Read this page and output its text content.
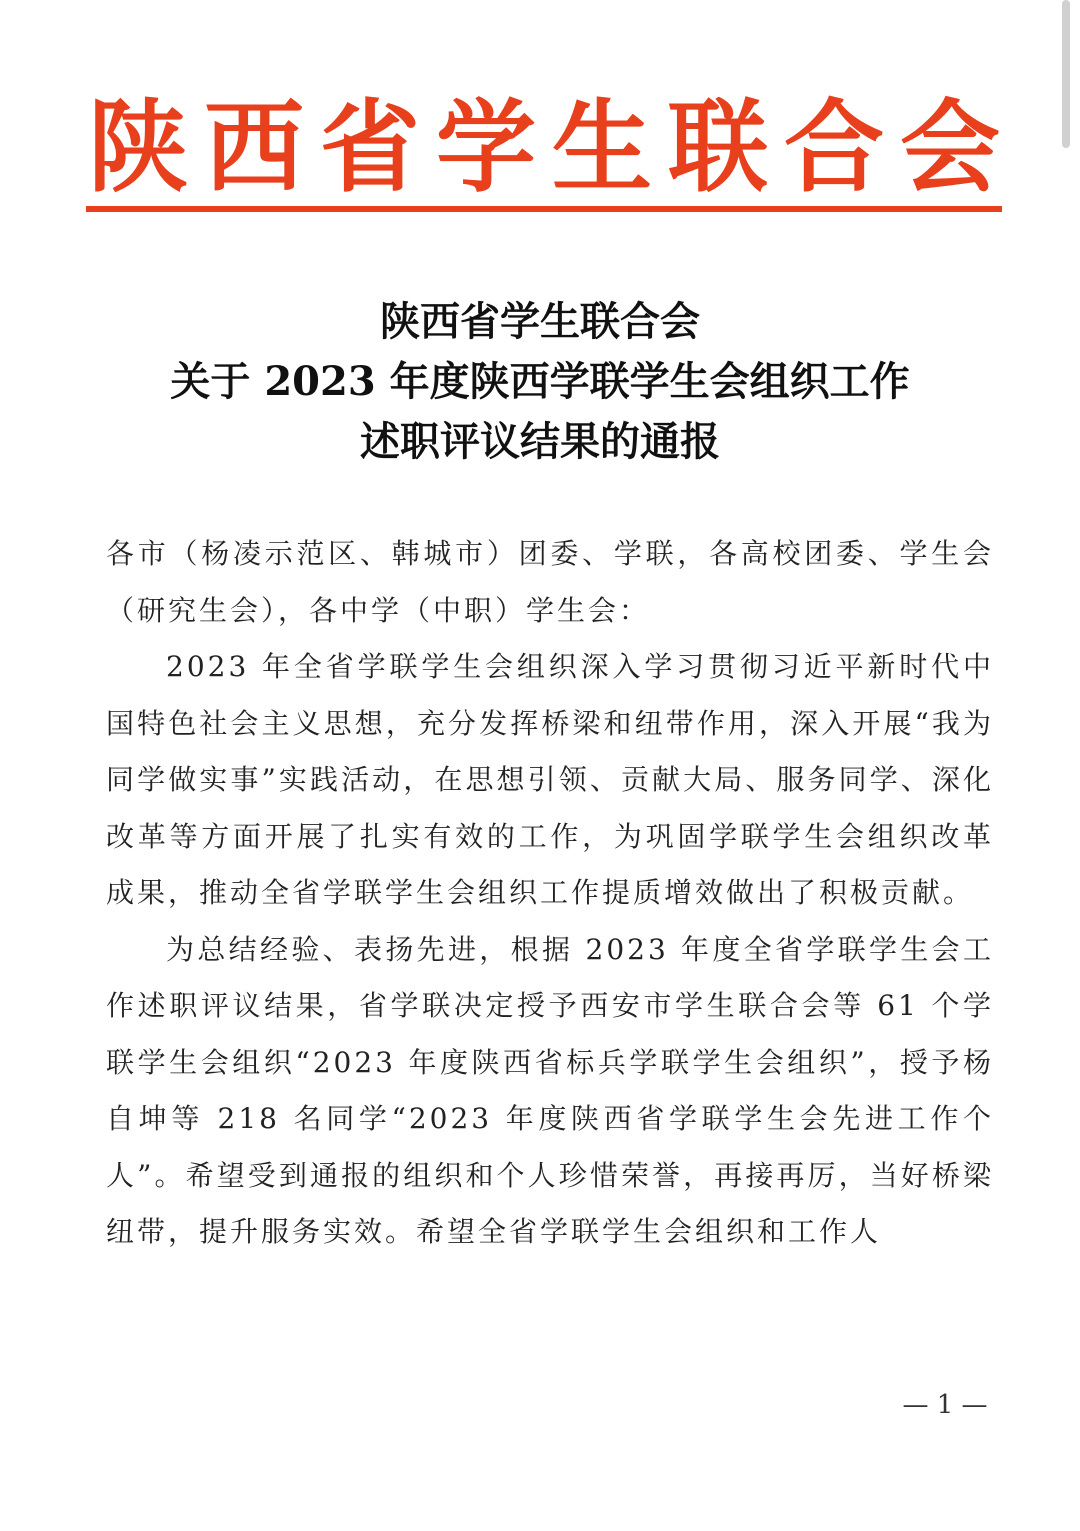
陕 西 省 学 生 联 合 会
陕西省学生联合会
关于 2023 年度陕西学联学生会组织工作
述职评议结果的通报

各市（杨凌示范区、韩城市）团委、学联，各高校团委、学生会（研究生会），各中学（中职）学生会：

2023 年全省学联学生会组织深入学习贯彻习近平新时代中国特色社会主义思想，充分发挥桥梁和纽带作用，深入开展“我为同学做实事”实践活动，在思想引领、贡献大局、服务同学、深化改革等方面开展了扎实有效的工作，为巩固学联学生会组织改革成果，推动全省学联学生会组织工作提质增效做出了积极贡献。

为总结经验、表扬先进，根据 2023 年度全省学联学生会工作述职评议结果，省学联决定授予西安市学生联合会等 61 个学联学生会组织“2023 年度陕西省标兵学联学生会组织”，授予杨自坤等 218 名同学“2023 年度陕西省学联学生会先进工作个人”。希望受到通报的组织和个人珍惜荣誉，再接再厉，当好桥梁纽带，提升服务实效。希望全省学联学生会组织和工作人

— 1 —
